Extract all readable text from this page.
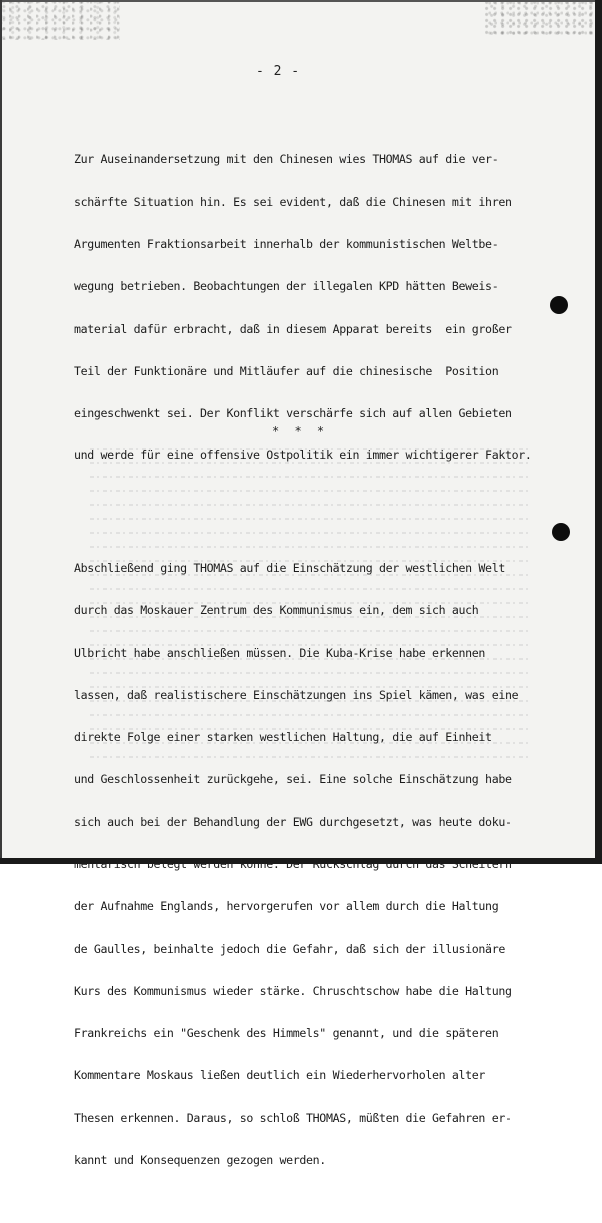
- 2 -

Zur Auseinandersetzung mit den Chinesen wies THOMAS auf die ver-

schärfte Situation hin. Es sei evident, daß die Chinesen mit ihren

Argumenten Fraktionsarbeit innerhalb der kommunistischen Weltbe-

wegung betrieben. Beobachtungen der illegalen KPD hätten Beweis-

material dafür erbracht, daß in diesem Apparat bereits  ein großer

Teil der Funktionäre und Mitläufer auf die chinesische  Position

eingeschwenkt sei. Der Konflikt verschärfe sich auf allen Gebieten

und werde für eine offensive Ostpolitik ein immer wichtigerer Faktor.

Abschließend ging THOMAS auf die Einschätzung der westlichen Welt

durch das Moskauer Zentrum des Kommunismus ein, dem sich auch

Ulbricht habe anschließen müssen. Die Kuba-Krise habe erkennen

lassen, daß realistischere Einschätzungen ins Spiel kämen, was eine

direkte Folge einer starken westlichen Haltung, die auf Einheit

und Geschlossenheit zurückgehe, sei. Eine solche Einschätzung habe

sich auch bei der Behandlung der EWG durchgesetzt, was heute doku-

mentarisch belegt werden könne. Der Rückschlag durch das Scheitern

der Aufnahme Englands, hervorgerufen vor allem durch die Haltung

de Gaulles, beinhalte jedoch die Gefahr, daß sich der illusionäre

Kurs des Kommunismus wieder stärke. Chruschtschow habe die Haltung

Frankreichs ein "Geschenk des Himmels" genannt, und die späteren

Kommentare Moskaus ließen deutlich ein Wiederhervorholen alter

Thesen erkennen. Daraus, so schloß THOMAS, müßten die Gefahren er-

kannt und Konsequenzen gezogen werden.

* * *
